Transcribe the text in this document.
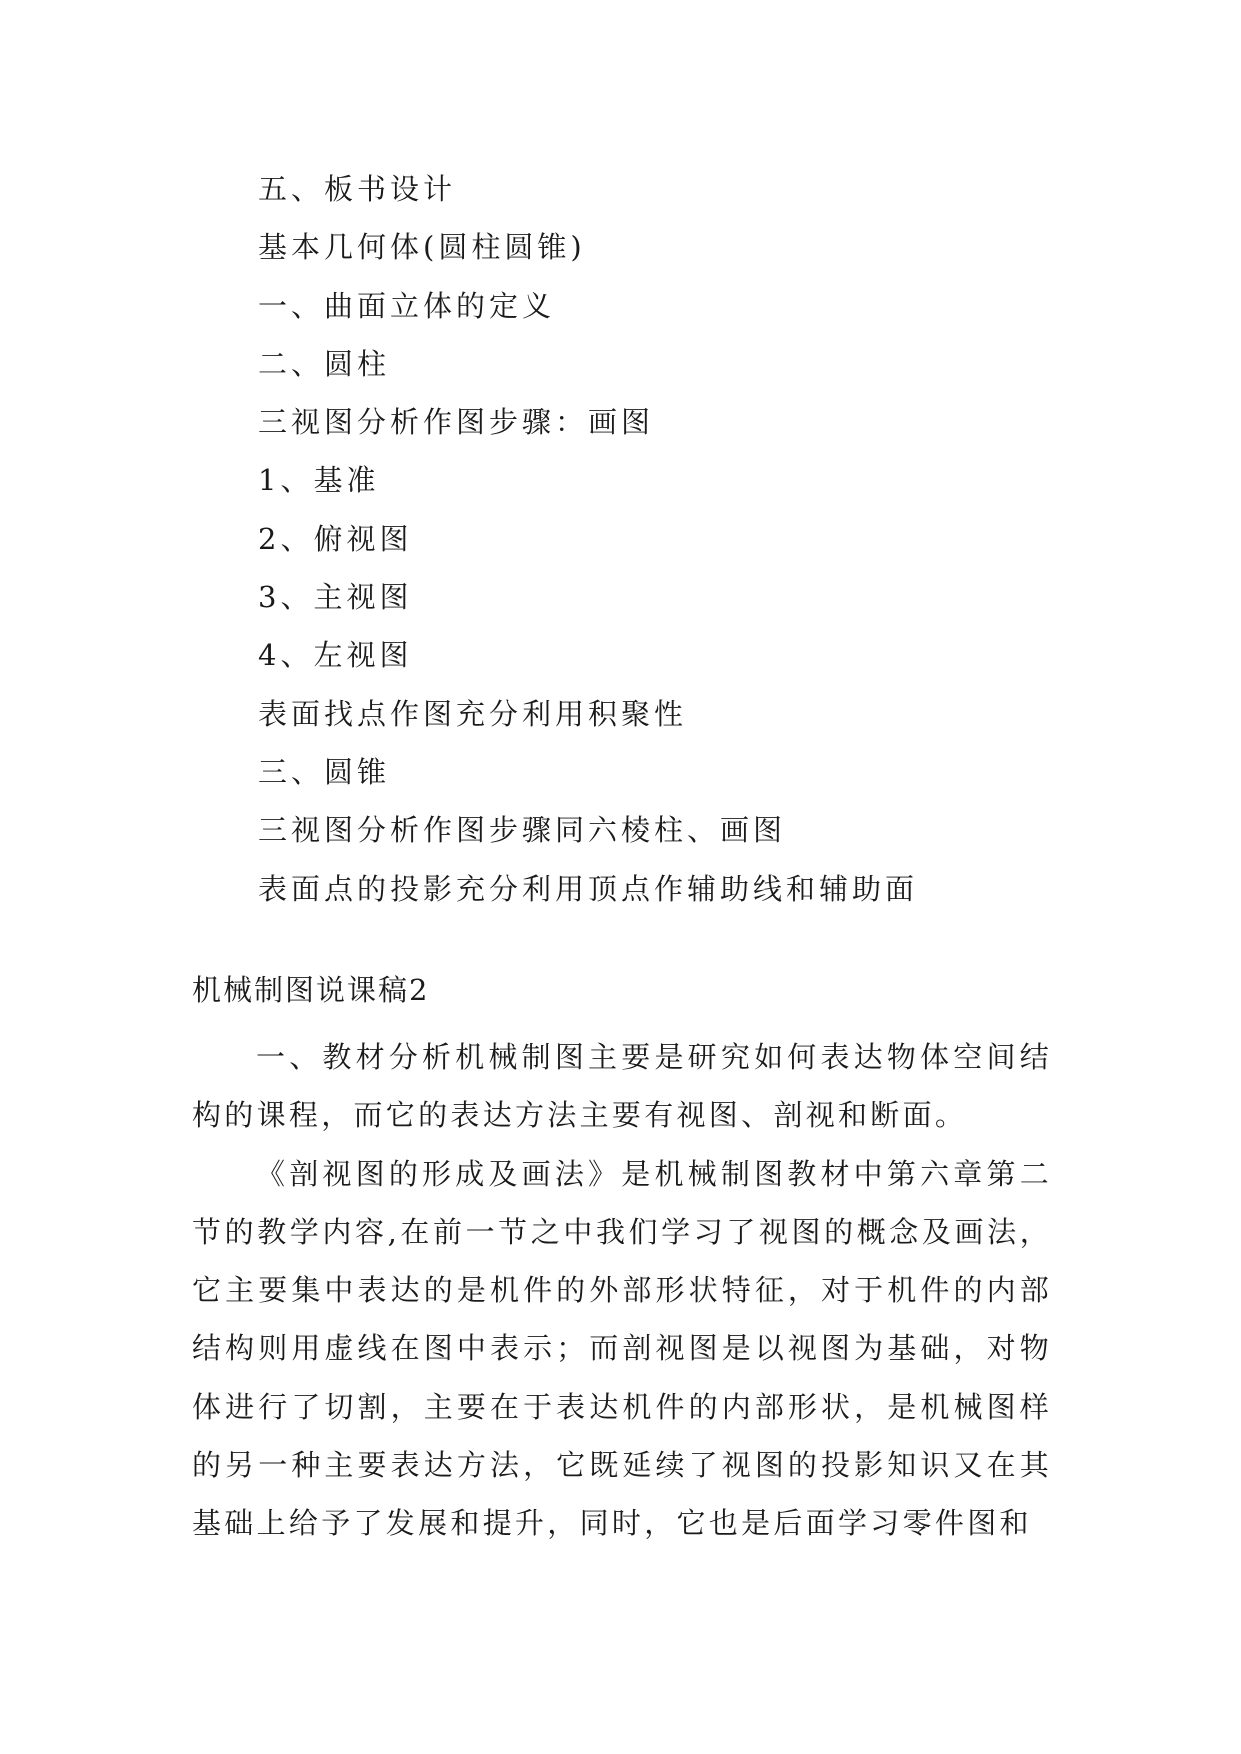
五、板书设计
基本几何体(圆柱圆锥)
一、曲面立体的定义
二、圆柱
三视图分析作图步骤：画图
1、基准
2、俯视图
3、主视图
4、左视图
表面找点作图充分利用积聚性
三、圆锥
三视图分析作图步骤同六棱柱、画图
表面点的投影充分利用顶点作辅助线和辅助面
机械制图说课稿2

一、教材分析机械制图主要是研究如何表达物体空间结构的课程，而它的表达方法主要有视图、剖视和断面。

《剖视图的形成及画法》是机械制图教材中第六章第二节的教学内容,在前一节之中我们学习了视图的概念及画法，它主要集中表达的是机件的外部形状特征，对于机件的内部结构则用虚线在图中表示；而剖视图是以视图为基础，对物体进行了切割，主要在于表达机件的内部形状，是机械图样的另一种主要表达方法，它既延续了视图的投影知识又在其基础上给予了发展和提升，同时，它也是后面学习零件图和
